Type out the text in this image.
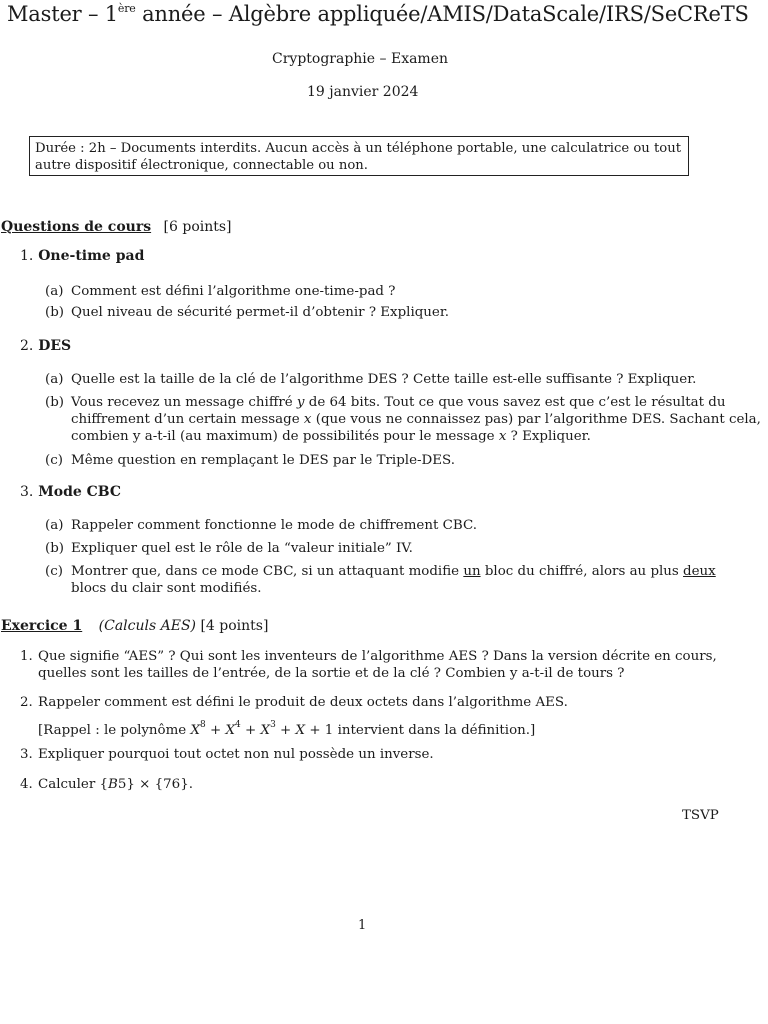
Master – 1ère année – Algèbre appliquée/AMIS/DataScale/IRS/SeCReTS
Cryptographie – Examen
19 janvier 2024
Durée : 2h – Documents interdits. Aucun accès à un téléphone portable, une calculatrice ou tout
autre dispositif électronique, connectable ou non.
Questions de cours [6 points]
1. One-time pad
(a) Comment est défini l’algorithme one-time-pad ?
(b) Quel niveau de sécurité permet-il d’obtenir ? Expliquer.
2. DES
(a) Quelle est la taille de la clé de l’algorithme DES ? Cette taille est-elle suffisante ? Expliquer.
(b) Vous recevez un message chiffré y de 64 bits. Tout ce que vous savez est que c’est le résultat du
chiffrement d’un certain message x (que vous ne connaissez pas) par l’algorithme DES. Sachant cela,
combien y a-t-il (au maximum) de possibilités pour le message x ? Expliquer.
(c) Même question en remplaçant le DES par le Triple-DES.
3. Mode CBC
(a) Rappeler comment fonctionne le mode de chiffrement CBC.
(b) Expliquer quel est le rôle de la “valeur initiale” IV.
(c) Montrer que, dans ce mode CBC, si un attaquant modifie un bloc du chiffré, alors au plus deux
blocs du clair sont modifiés.
Exercice 1 (Calculs AES) [4 points]
1. Que signifie “AES” ? Qui sont les inventeurs de l’algorithme AES ? Dans la version décrite en cours,
quelles sont les tailles de l’entrée, de la sortie et de la clé ? Combien y a-t-il de tours ?
2. Rappeler comment est défini le produit de deux octets dans l’algorithme AES.
[Rappel : le polynôme $X^8 + X^4 + X^3 + X + 1$ intervient dans la définition.]
3. Expliquer pourquoi tout octet non nul possède un inverse.
4. Calculer {B5} × {76}.
TSVP
1
